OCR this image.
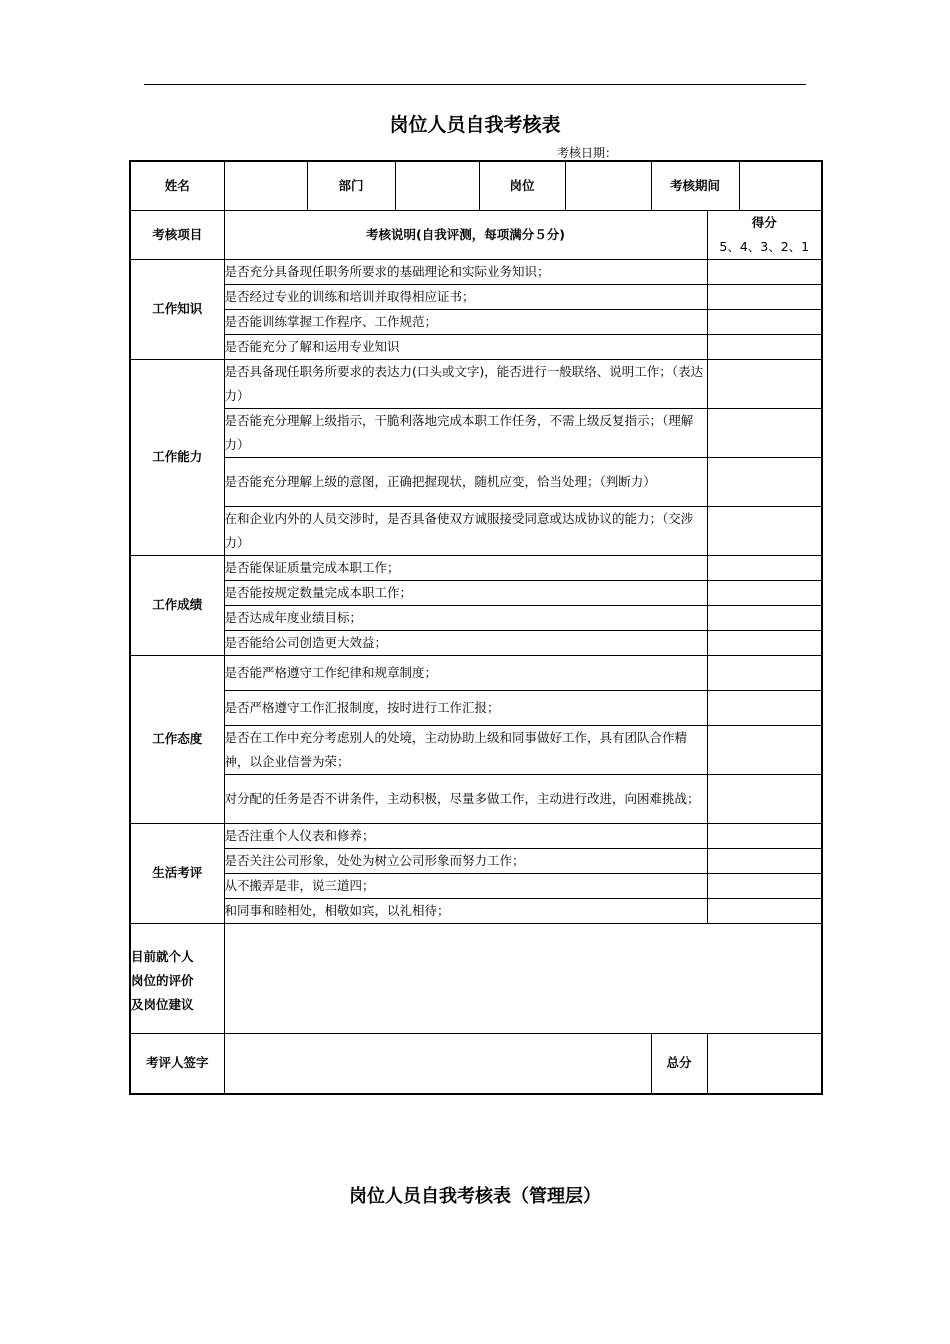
岗位人员自我考核表
考核日期：
姓名		部门		岗位		考核期间		
考核项目	考核说明(自我评测，每项满分５分)						得分
5、4、3、2、1	

工作知识	是否充分具备现任职务所要求的基础理论和实际业务知识；							
	是否经过专业的训练和培训并取得相应证书；							
	是否能训练掌握工作程序、工作规范；							
	是否能充分了解和运用专业知识							
工作能力	是否具备现任职务所要求的表达力(口头或文字)，能否进行一般联络、说明工作；（表达力）							
	是否能充分理解上级指示，干脆利落地完成本职工作任务，不需上级反复指示；（理解力）							
	是否能充分理解上级的意图，正确把握现状，随机应变，恰当处理；（判断力）							
	在和企业内外的人员交涉时，是否具备使双方诚服接受同意或达成协议的能力；（交涉力）							
工作成绩	是否能保证质量完成本职工作；							
	是否能按规定数量完成本职工作；							
	是否达成年度业绩目标；							
	是否能给公司创造更大效益；							
工作态度	是否能严格遵守工作纪律和规章制度；							
	是否严格遵守工作汇报制度，按时进行工作汇报；							
	是否在工作中充分考虑别人的处境，主动协助上级和同事做好工作，具有团队合作精神，以企业信誉为荣；							
	对分配的任务是否不讲条件，主动积极，尽量多做工作，主动进行改进，向困难挑战；							
生活考评	是否注重个人仪表和修养；							
	是否关注公司形象，处处为树立公司形象而努力工作；							
	从不搬弄是非，说三道四；							
	和同事和睦相处，相敬如宾，以礼相待；							

目前就个人
岗位的评价
及岗位建议								

考评人签字						总分		
岗位人员自我考核表（管理层）
